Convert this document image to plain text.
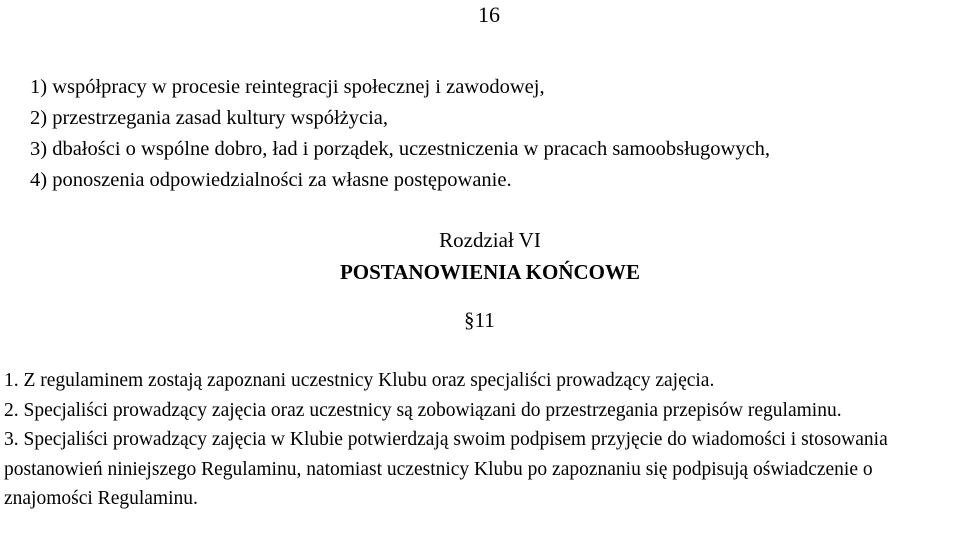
16
1) współpracy w procesie reintegracji społecznej i zawodowej,
2) przestrzegania zasad kultury współżycia,
3) dbałości o wspólne dobro, ład i porządek, uczestniczenia w pracach samoobsługowych,
4) ponoszenia odpowiedzialności za własne postępowanie.
Rozdział VI
POSTANOWIENIA KOŃCOWE
§11

1. Z regulaminem zostają zapoznani uczestnicy Klubu oraz specjaliści prowadzący zajęcia.

2. Specjaliści prowadzący zajęcia oraz uczestnicy są zobowiązani do przestrzegania przepisów regulaminu.

3. Specjaliści prowadzący zajęcia w Klubie potwierdzają swoim podpisem przyjęcie do wiadomości i stosowania postanowień niniejszego Regulaminu, natomiast uczestnicy Klubu po zapoznaniu się podpisują oświadczenie o znajomości Regulaminu.
